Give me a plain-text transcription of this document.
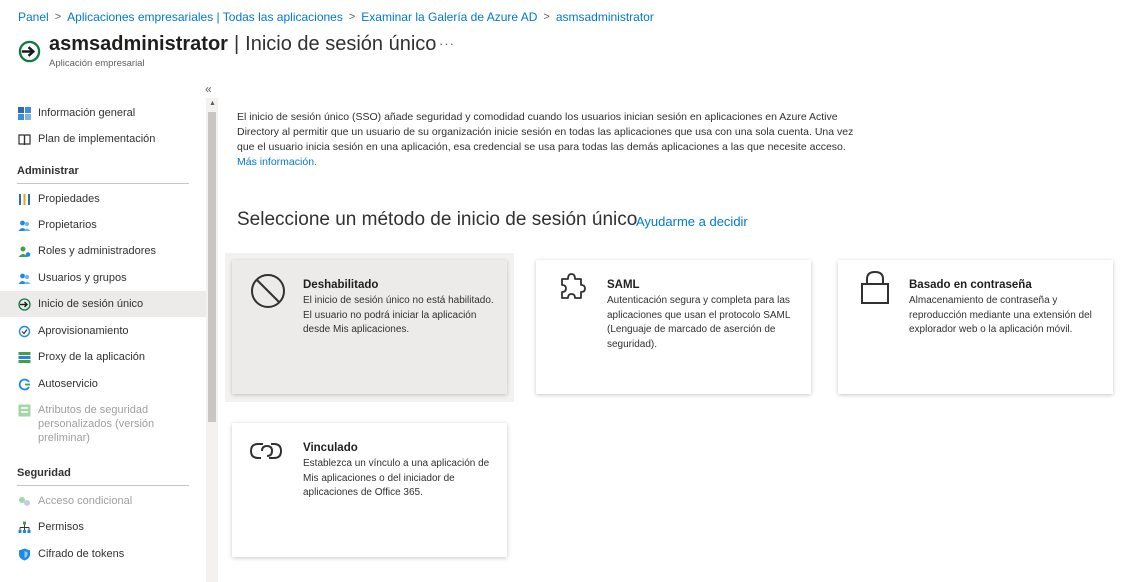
Panel > Aplicaciones empresariales | Todas las aplicaciones > Examinar la Galería de Azure AD > asmsadministrator
asmsadministrator | Inicio de sesión único ···
Aplicación empresarial
«
Información general
Plan de implementación
Administrar
Propiedades
Propietarios
Roles y administradores
Usuarios y grupos
Inicio de sesión único
Aprovisionamiento
Proxy de la aplicación
Autoservicio
Atributos de seguridad personalizados (versión preliminar)
Seguridad
Acceso condicional
Permisos
Cifrado de tokens
▲
El inicio de sesión único (SSO) añade seguridad y comodidad cuando los usuarios inician sesión en aplicaciones en Azure Active Directory al permitir que un usuario de su organización inicie sesión en todas las aplicaciones que usa con una sola cuenta. Una vez que el usuario inicia sesión en una aplicación, esa credencial se usa para todas las demás aplicaciones a las que necesite acceso. Más información.
Seleccione un método de inicio de sesión único
Ayudarme a decidir
Deshabilitado
El inicio de sesión único no está habilitado. El usuario no podrá iniciar la aplicación desde Mis aplicaciones.
SAML
Autenticación segura y completa para las aplicaciones que usan el protocolo SAML (Lenguaje de marcado de aserción de seguridad).
Basado en contraseña
Almacenamiento de contraseña y reproducción mediante una extensión del explorador web o la aplicación móvil.
Vinculado
Establezca un vínculo a una aplicación de Mis aplicaciones o del iniciador de aplicaciones de Office 365.
